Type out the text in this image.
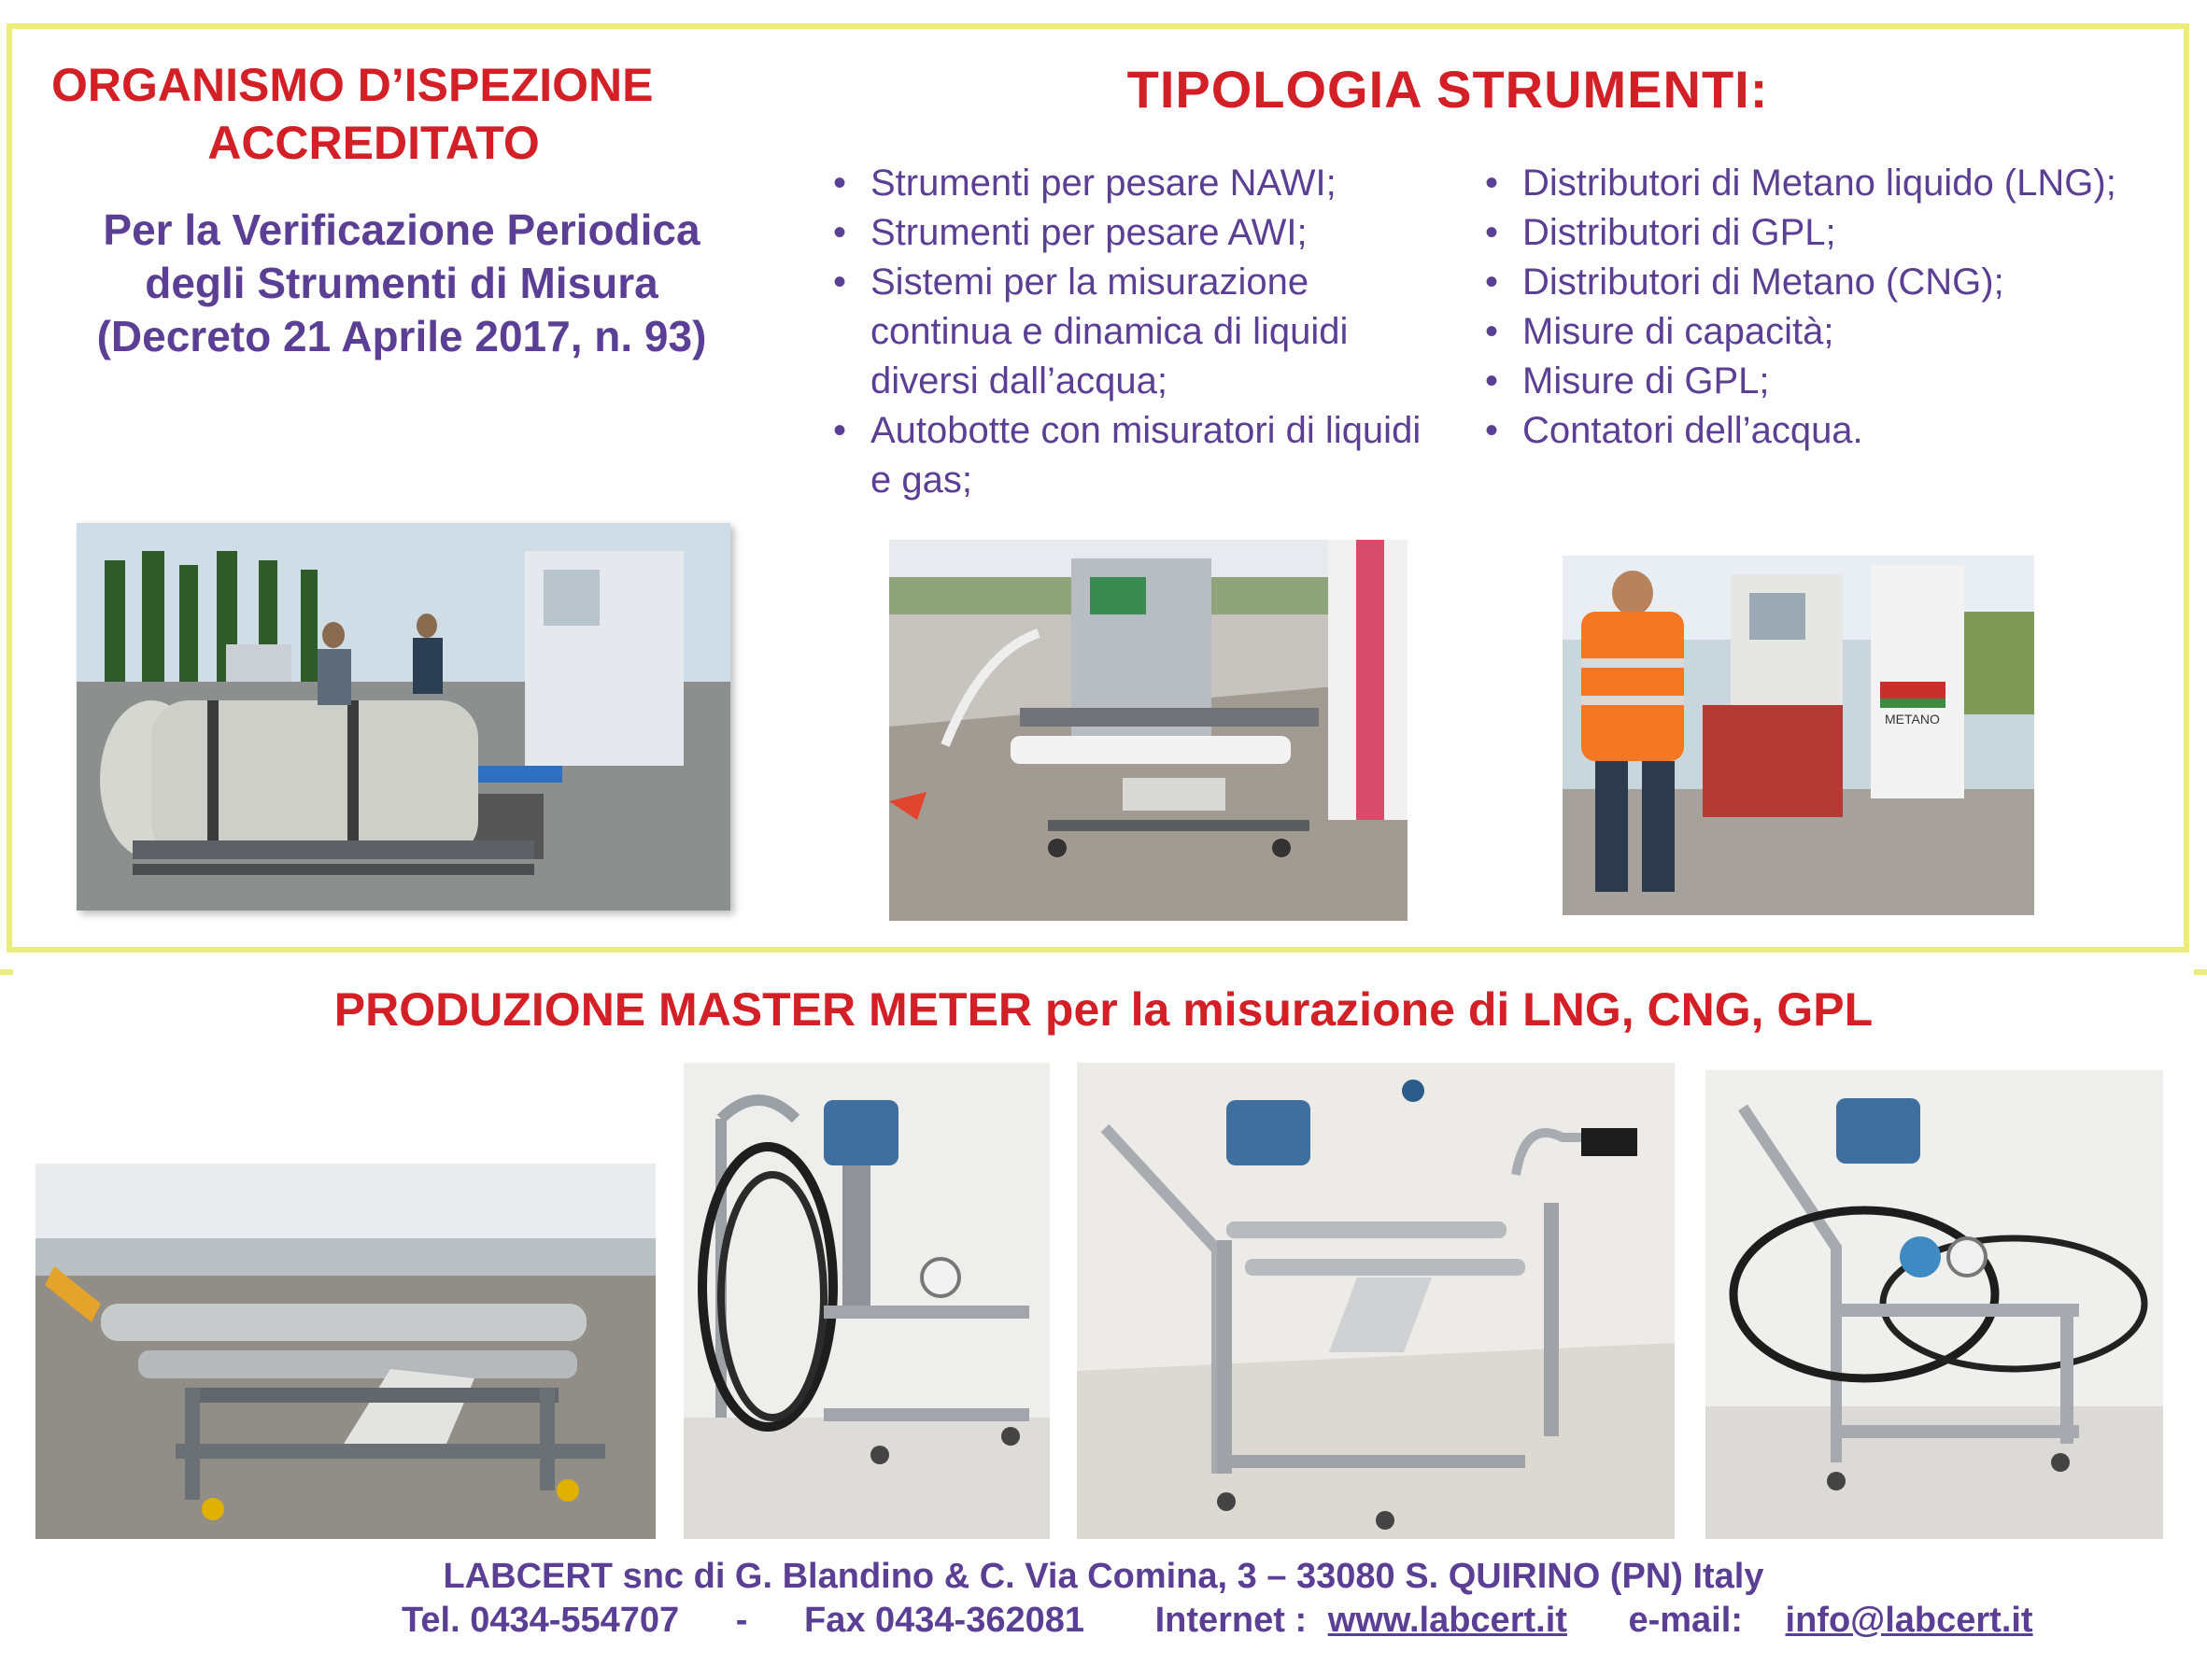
ORGANISMO D’ISPEZIONE
ACCREDITATO
Per la Verificazione Periodica
degli Strumenti di Misura
(Decreto 21 Aprile 2017, n. 93)
TIPOLOGIA STRUMENTI:
• Strumenti per pesare NAWI;
• Strumenti per pesare AWI;
• Sistemi per la misurazione continua e dinamica di liquidi diversi dall’acqua;
• Autobotte con misuratori di liquidi e gas;
• Distributori di Metano liquido (LNG);
• Distributori di GPL;
• Distributori di Metano (CNG);
• Misure di capacità;
• Misure di GPL;
• Contatori dell’acqua.
METANO
PRODUZIONE MASTER METER per la misurazione di LNG, CNG, GPL
LABCERT snc di G. Blandino & C. Via Comina, 3 – 33080 S. QUIRINO (PN) Italy
Tel. 0434-554707 - Fax 0434-362081 Internet : www.labcert.it e-mail: info@labcert.it
